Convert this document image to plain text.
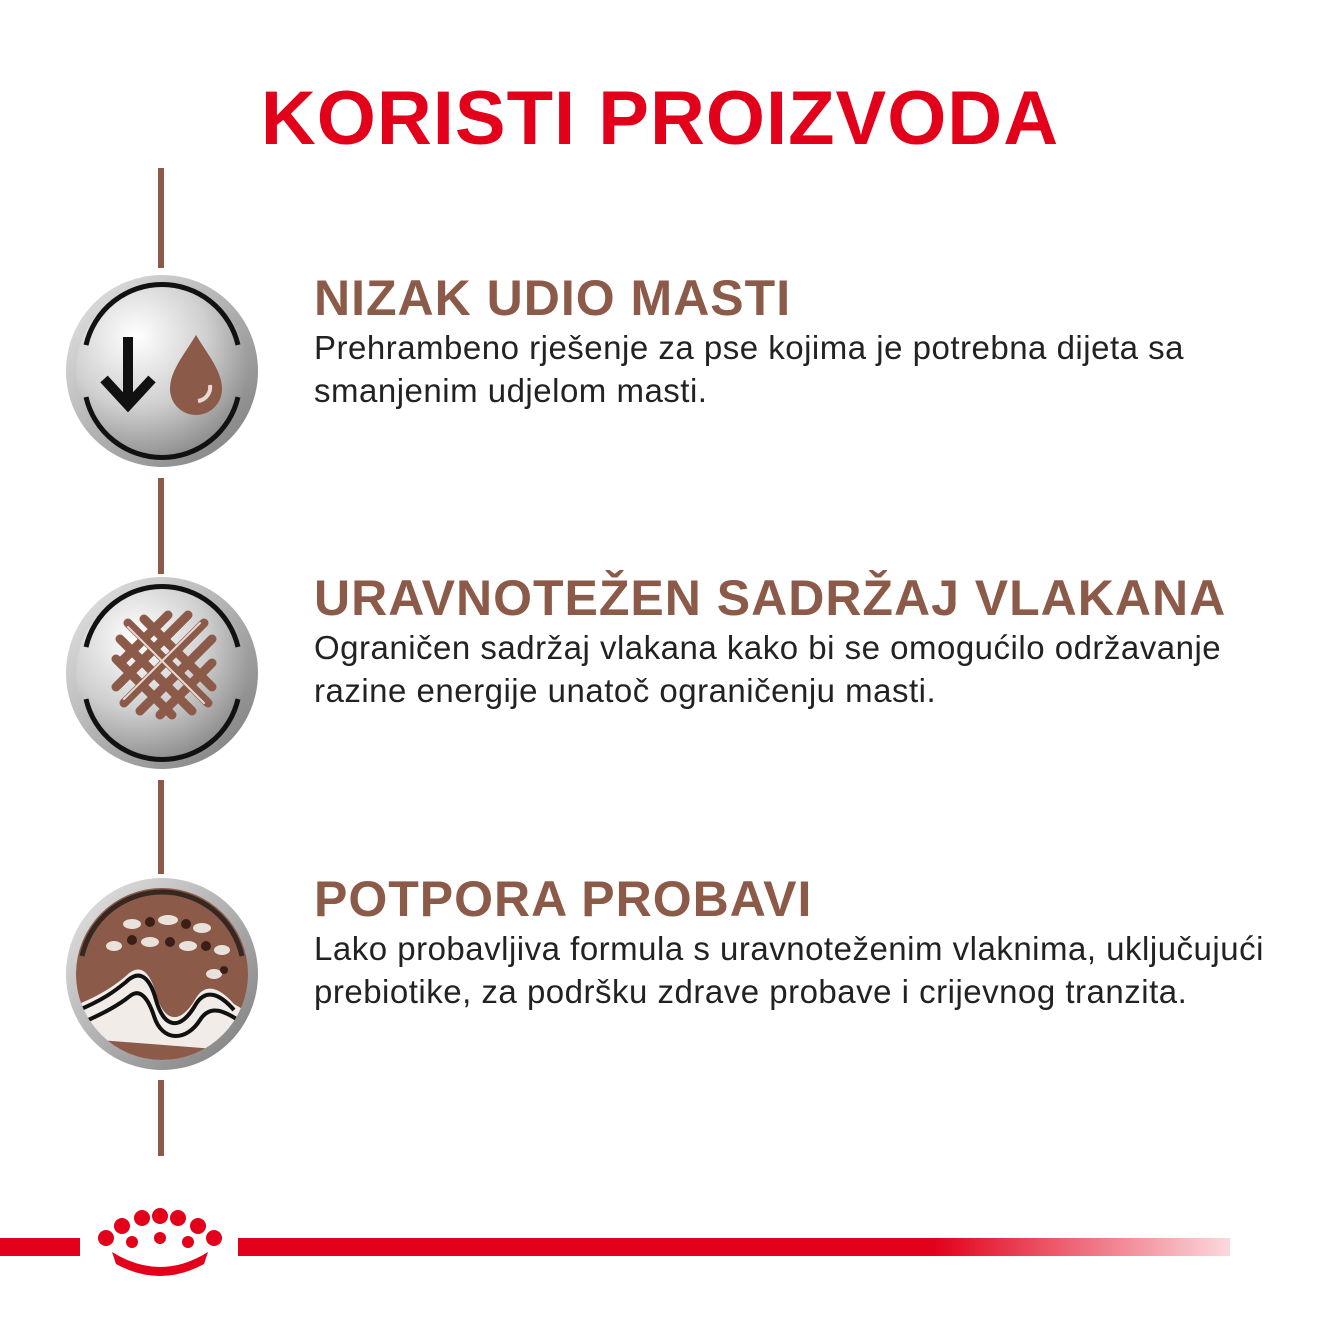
KORISTI PROIZVODA
NIZAK UDIO MASTI

Prehrambeno rješenje za pse kojima je potrebna dijeta sa smanjenim udjelom masti.

URAVNOTEŽEN SADRŽAJ VLAKANA

Ograničen sadržaj vlakana kako bi se omogućilo održavanje razine energije unatoč ograničenju masti.

POTPORA PROBAVI

Lako probavljiva formula s uravnoteženim vlaknima, uključujući prebiotike, za podršku zdrave probave i crijevnog tranzita.
